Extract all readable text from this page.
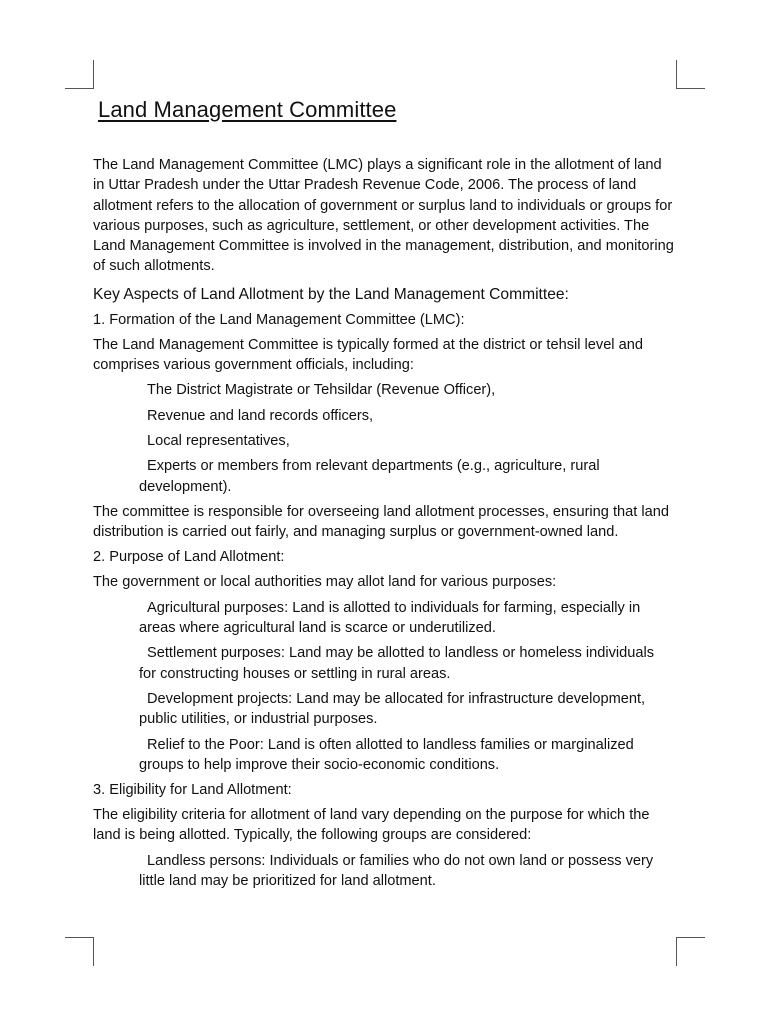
Land Management Committee

The Land Management Committee (LMC) plays a significant role in the allotment of land in Uttar Pradesh under the Uttar Pradesh Revenue Code, 2006. The process of land allotment refers to the allocation of government or surplus land to individuals or groups for various purposes, such as agriculture, settlement, or other development activities. The Land Management Committee is involved in the management, distribution, and monitoring of such allotments.

Key Aspects of Land Allotment by the Land Management Committee:

1. Formation of the Land Management Committee (LMC):

The Land Management Committee is typically formed at the district or tehsil level and comprises various government officials, including:

The District Magistrate or Tehsildar (Revenue Officer),
Revenue and land records officers,
Local representatives,
Experts or members from relevant departments (e.g., agriculture, rural development).

The committee is responsible for overseeing land allotment processes, ensuring that land distribution is carried out fairly, and managing surplus or government-owned land.

2. Purpose of Land Allotment:

The government or local authorities may allot land for various purposes:

Agricultural purposes: Land is allotted to individuals for farming, especially in areas where agricultural land is scarce or underutilized.
Settlement purposes: Land may be allotted to landless or homeless individuals for constructing houses or settling in rural areas.
Development projects: Land may be allocated for infrastructure development, public utilities, or industrial purposes.
Relief to the Poor: Land is often allotted to landless families or marginalized groups to help improve their socio-economic conditions.

3. Eligibility for Land Allotment:

The eligibility criteria for allotment of land vary depending on the purpose for which the land is being allotted. Typically, the following groups are considered:

Landless persons: Individuals or families who do not own land or possess very little land may be prioritized for land allotment.
